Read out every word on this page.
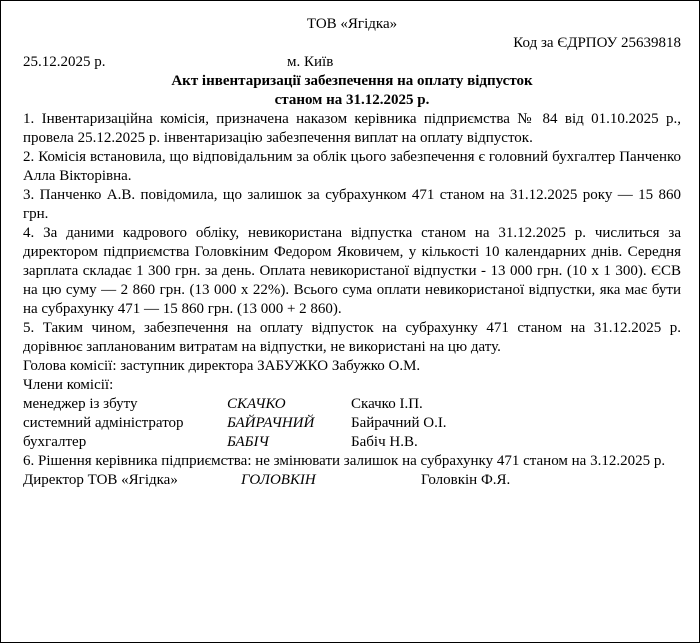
ТОВ «Ягідка»
Код за ЄДРПОУ 25639818
25.12.2025 р.	м. Київ
Акт інвентаризації забезпечення на оплату відпусток
станом на 31.12.2025 р.
1. Інвентаризаційна комісія, призначена наказом керівника підприємства № 84 від 01.10.2025 р., провела 25.12.2025 р. інвентаризацію забезпечення виплат на оплату відпусток.
2. Комісія встановила, що відповідальним за облік цього забезпечення є головний бухгалтер Панченко Алла Вікторівна.
3. Панченко А.В. повідомила, що залишок за субрахунком 471 станом на 31.12.2025 року — 15 860 грн.
4. За даними кадрового обліку, невикористана відпустка станом на 31.12.2025 р. числиться за директором підприємства Головкіним Федором Яковичем, у кількості 10 календарних днів. Середня зарплата складає 1 300 грн. за день. Оплата невикористаної відпустки - 13 000 грн. (10 х 1 300). ЄСВ на цю суму — 2 860 грн. (13 000 х 22%). Всього сума оплати невикористаної відпустки, яка має бути на субрахунку 471 — 15 860 грн. (13 000 + 2 860).
5. Таким чином, забезпечення на оплату відпусток на субрахунку 471 станом на 31.12.2025 р. дорівнює запланованим витратам на відпустки, не використані на цю дату.
Голова комісії: заступник директора ЗАБУЖКО Забужко О.М.
Члени комісії:
менеджер із збуту	СКАЧКО	Скачко І.П.
системний адміністратор	БАЙРАЧНИЙ	Байрачний О.І.
бухгалтер	БАБІЧ	Бабіч Н.В.
6. Рішення керівника підприємства: не змінювати залишок на субрахунку 471 станом на 3.12.2025 р.
Директор ТОВ «Ягідка»	ГОЛОВКІН	Головкін Ф.Я.
